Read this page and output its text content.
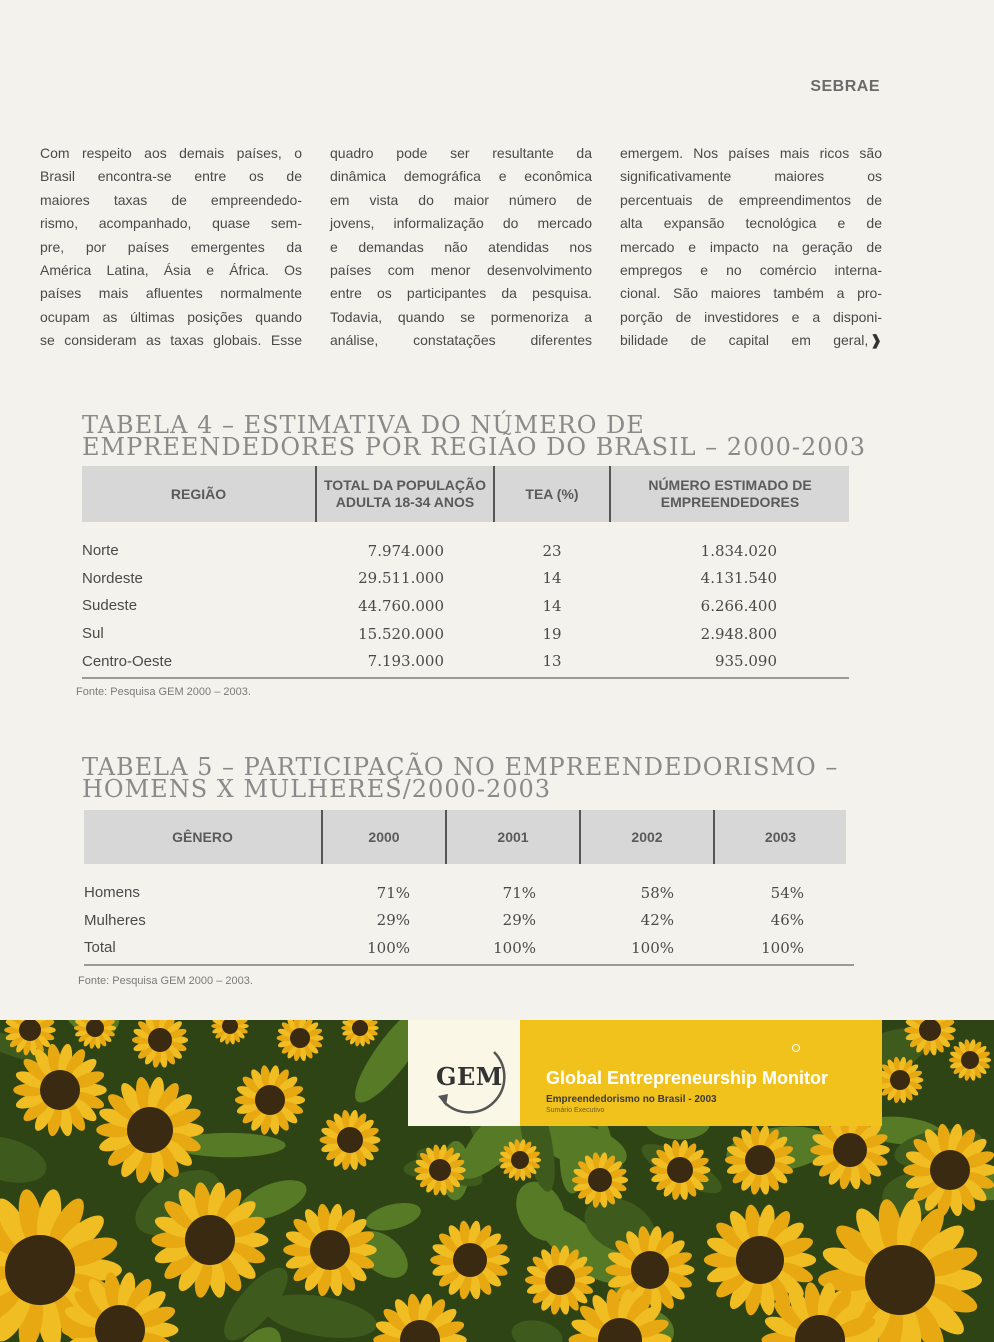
SEBRAE
Com respeito aos demais países, o
Brasil encontra-se entre os de
maiores taxas de empreendedo-
rismo, acompanhado, quase sem-
pre, por países emergentes da
América Latina, Ásia e África. Os
países mais afluentes normalmente
ocupam as últimas posições quando
se consideram as taxas globais. Esse
quadro pode ser resultante da
dinâmica demográfica e econômica
em vista do maior número de
jovens, informalização do mercado
e demandas não atendidas nos
países com menor desenvolvimento
entre os participantes da pesquisa.
Todavia, quando se pormenoriza a
análise, constatações diferentes
emergem. Nos países mais ricos são
significativamente maiores os
percentuais de empreendimentos de
alta expansão tecnológica e de
mercado e impacto na geração de
empregos e no comércio interna-
cional. São maiores também a pro-
porção de investidores e a disponi-
bilidade de capital em geral, ❱
TABELA 4 – ESTIMATIVA DO NÚMERO DE
EMPREENDEDORES POR REGIÃO DO BRASIL – 2000-2003
REGIÃO	TOTAL DA POPULAÇÃO ADULTA 18-34 ANOS	TEA (%)	NÚMERO ESTIMADO DE EMPREENDEDORES

Norte	7.974.000	23	1.834.020
Nordeste	29.511.000	14	4.131.540
Sudeste	44.760.000	14	6.266.400
Sul	15.520.000	19	2.948.800
Centro-Oeste	7.193.000	13	935.090
Fonte: Pesquisa GEM 2000 – 2003.
TABELA 5 – PARTICIPAÇÃO NO EMPREENDEDORISMO –
HOMENS X MULHERES/2000-2003
GÊNERO	2000	2001	2002	2003

Homens	71%	71%	58%	54%
Mulheres	29%	29%	42%	46%
Total	100%	100%	100%	100%
Fonte: Pesquisa GEM 2000 – 2003.
GEM Global Entrepreneurship Monitor
Empreendedorismo no Brasil - 2003
Sumário Executivo
